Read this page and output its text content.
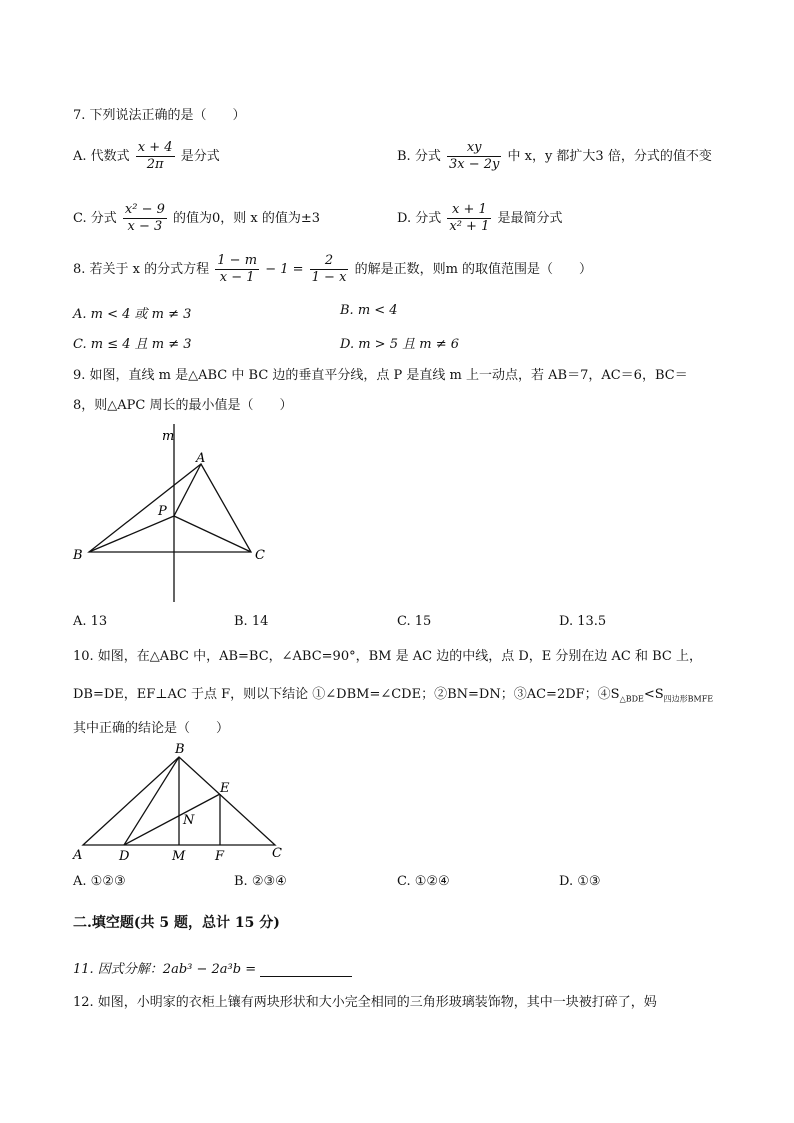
7. 下列说法正确的是（　　）
A. 代数式 $\frac{x + 4}{2\pi}$ 是分式	B. 分式 $\frac{xy}{3x - 2y}$ 中 x，y 都扩大3 倍，分式的值不变
C. 分式 $\frac{\text{x² − 9}}{x - 3}$ 的值为0，则 x 的值为±3	D. 分式 $\frac{x + 1}{\text{x² + 1}}$ 是最简分式
8. 若关于 x 的分式方程 $\frac{1 - m}{x - 1} - 1 = \frac{2}{1 - x}$ 的解是正数，则m 的取值范围是（　　）
A. m < 4 或 m ≠ 3	B. m < 4
C. m ≤ 4 且 m ≠ 3	D. m > 5 且 m ≠ 6
9. 如图，直线 m 是△ABC 中 BC 边的垂直平分线，点 P 是直线 m 上一动点，若 AB＝7，AC＝6，BC＝
8，则△APC 周长的最小值是（　　）
m
A
P
B	C
A
B
C
D
E
F
M
N
A. 13	B. 14	C. 15	D. 13.5
10. 如图，在△ABC 中，AB=BC，∠ABC=90°，BM 是 AC 边的中线，点 D，E 分别在边 AC 和 BC 上，
DB=DE，EF⊥AC 于点 F，则以下结论 ①∠DBM=∠CDE；②BN=DN；③AC=2DF；$④S_{\triangle BDE}<S_{四边形BMFE}$
其中正确的结论是（　　）
A. ①②③	B. ②③④	C. ①②④	D. ①③
二.填空题(共 5 题，总计 15 分)
11. 因式分解：2ab³ − 2a³b =
12. 如图，小明家的衣柜上镶有两块形状和大小完全相同的三角形玻璃装饰物，其中一块被打碎了，妈
